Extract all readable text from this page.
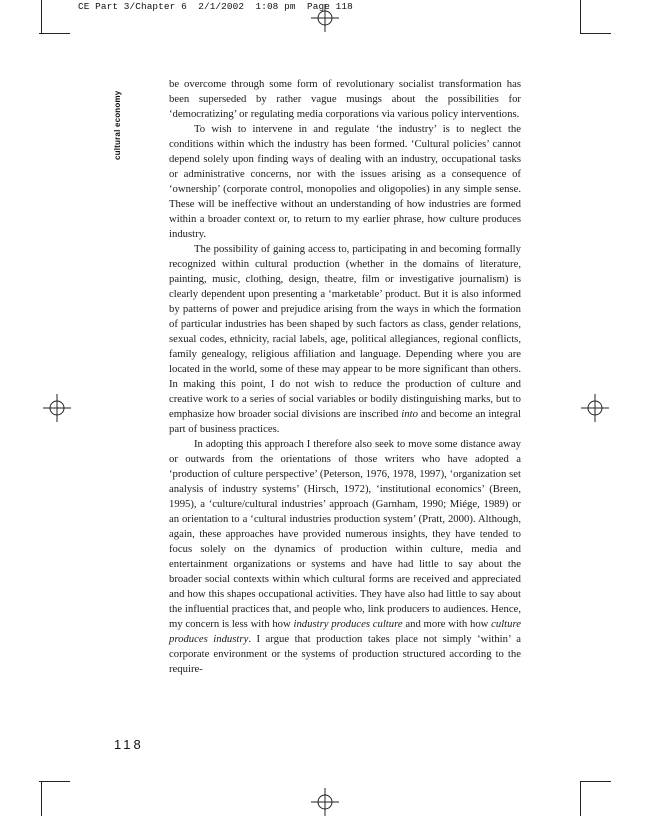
CE Part 3/Chapter 6  2/1/2002  1:08 pm  Page 118
cultural economy

be overcome through some form of revolutionary socialist transformation has been superseded by rather vague musings about the possibilities for ‘democratizing’ or regulating media corporations via various policy interventions.

To wish to intervene in and regulate ‘the industry’ is to neglect the conditions within which the industry has been formed. ‘Cultural policies’ cannot depend solely upon finding ways of dealing with an industry, occupational tasks or administrative concerns, nor with the issues arising as a consequence of ‘ownership’ (corporate control, monopolies and oligopolies) in any simple sense. These will be ineffective without an understanding of how industries are formed within a broader context or, to return to my earlier phrase, how culture produces industry.

The possibility of gaining access to, participating in and becoming formally recognized within cultural production (whether in the domains of literature, painting, music, clothing, design, theatre, film or investigative journalism) is clearly dependent upon presenting a ‘marketable’ product. But it is also informed by patterns of power and prejudice arising from the ways in which the formation of particular industries has been shaped by such factors as class, gender relations, sexual codes, ethnicity, racial labels, age, political allegiances, regional conflicts, family genealogy, religious affiliation and language. Depending where you are located in the world, some of these may appear to be more significant than others. In making this point, I do not wish to reduce the production of culture and creative work to a series of social variables or bodily distinguishing marks, but to emphasize how broader social divisions are inscribed into and become an integral part of business practices.

In adopting this approach I therefore also seek to move some distance away or outwards from the orientations of those writers who have adopted a ‘production of culture perspective’ (Peterson, 1976, 1978, 1997), ‘organization set analysis of industry systems’ (Hirsch, 1972), ‘institutional economics’ (Breen, 1995), a ‘culture/cultural industries’ approach (Garnham, 1990; Miége, 1989) or an orientation to a ‘cultural industries production system’ (Pratt, 2000). Although, again, these approaches have provided numerous insights, they have tended to focus solely on the dynamics of production within culture, media and entertainment organizations or systems and have had little to say about the broader social contexts within which cultural forms are received and appreciated and how this shapes occupational activities. They have also had little to say about the influential practices that, and people who, link producers to audiences. Hence, my concern is less with how industry produces culture and more with how culture produces industry. I argue that production takes place not simply ‘within’ a corporate environment or the systems of production structured according to the require-

118
